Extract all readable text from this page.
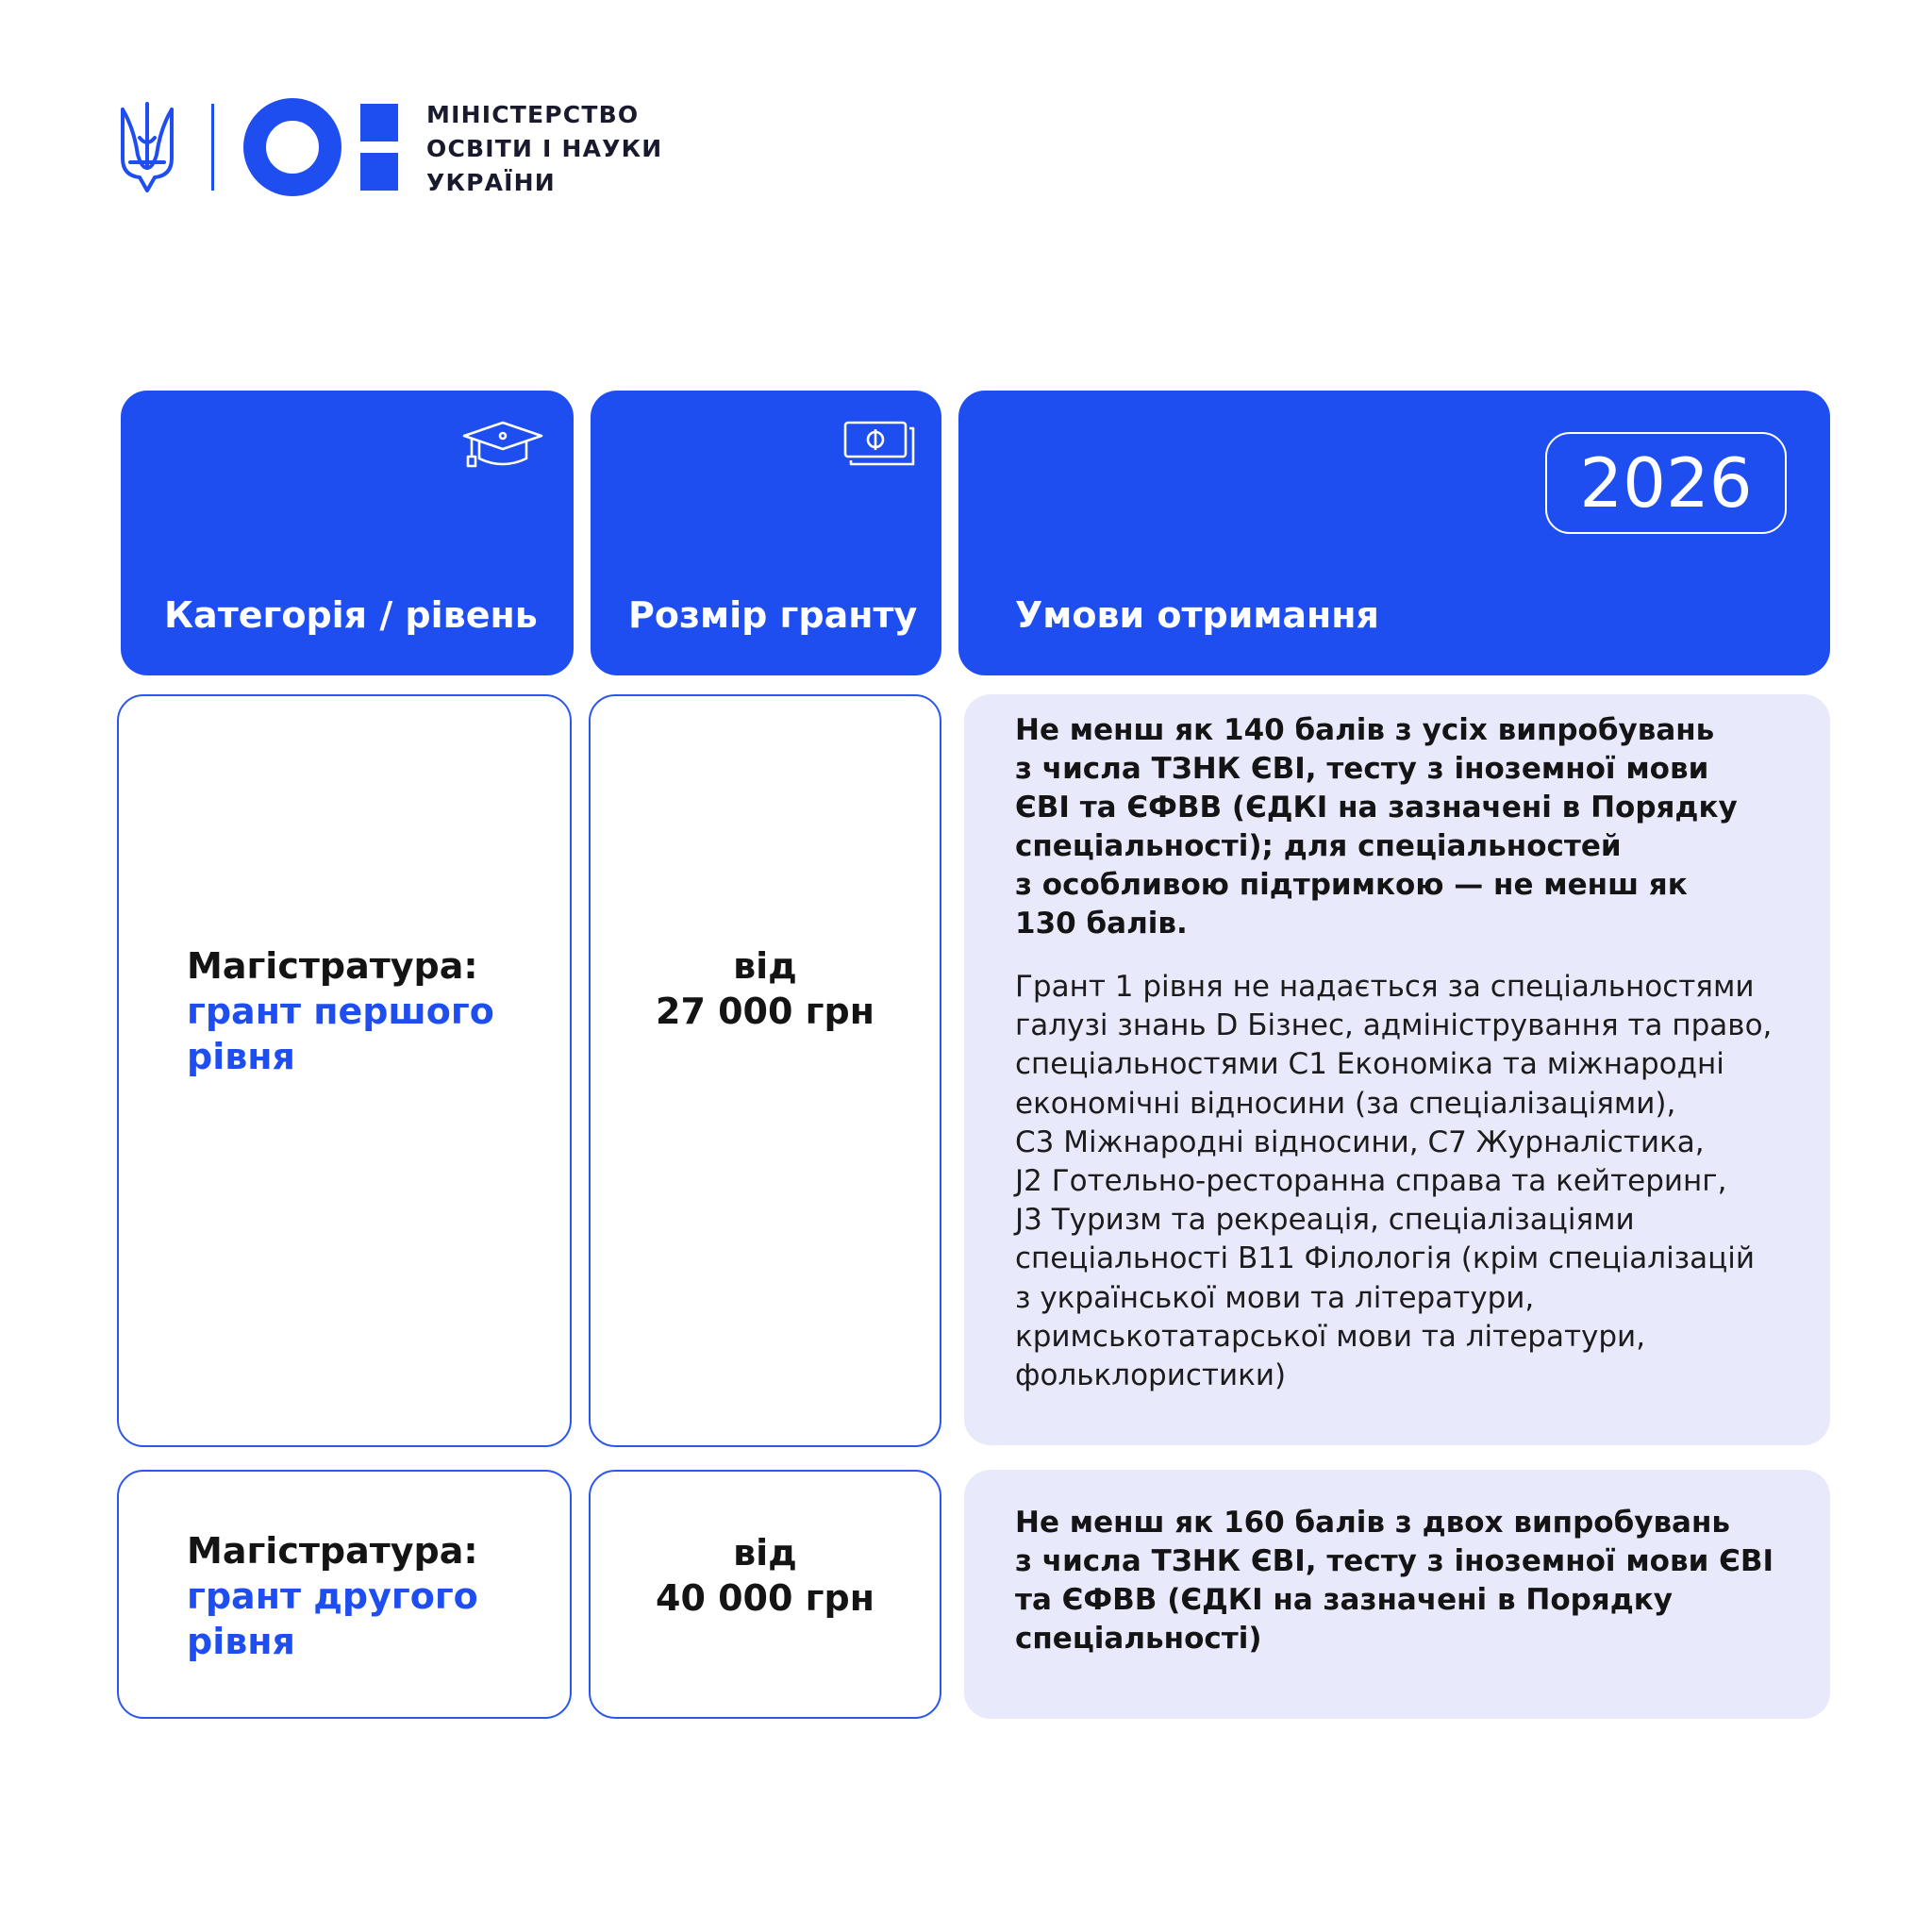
МІНІСТЕРСТВО
ОСВІТИ І НАУКИ
УКРАЇНИ
Категорія / рівень	Розмір гранту
2026
Умови отримання
Магістратура:
грант першого
рівня
від
27 000 грн

Не менш як 140 балів з усіх випробувань
з числа ТЗНК ЄВІ, тесту з іноземної мови
ЄВІ та ЄФВВ (ЄДКІ на зазначені в Порядку
спеціальності); для спеціальностей
з особливою підтримкою — не менш як
130 балів.

Грант 1 рівня не надається за спеціальностями
галузі знань D Бізнес, адміністрування та право,
спеціальностями C1 Економіка та міжнародні
економічні відносини (за спеціалізаціями),
C3 Міжнародні відносини, C7 Журналістика,
J2 Готельно-ресторанна справа та кейтеринг,
J3 Туризм та рекреація, спеціалізаціями
спеціальності B11 Філологія (крім спеціалізацій
з української мови та літератури,
кримськотатарської мови та літератури,
фольклористики)

Магістратура:
грант другого
рівня
від
40 000 грн

Не менш як 160 балів з двох випробувань
з числа ТЗНК ЄВІ, тесту з іноземної мови ЄВІ
та ЄФВВ (ЄДКІ на зазначені в Порядку
спеціальності)
